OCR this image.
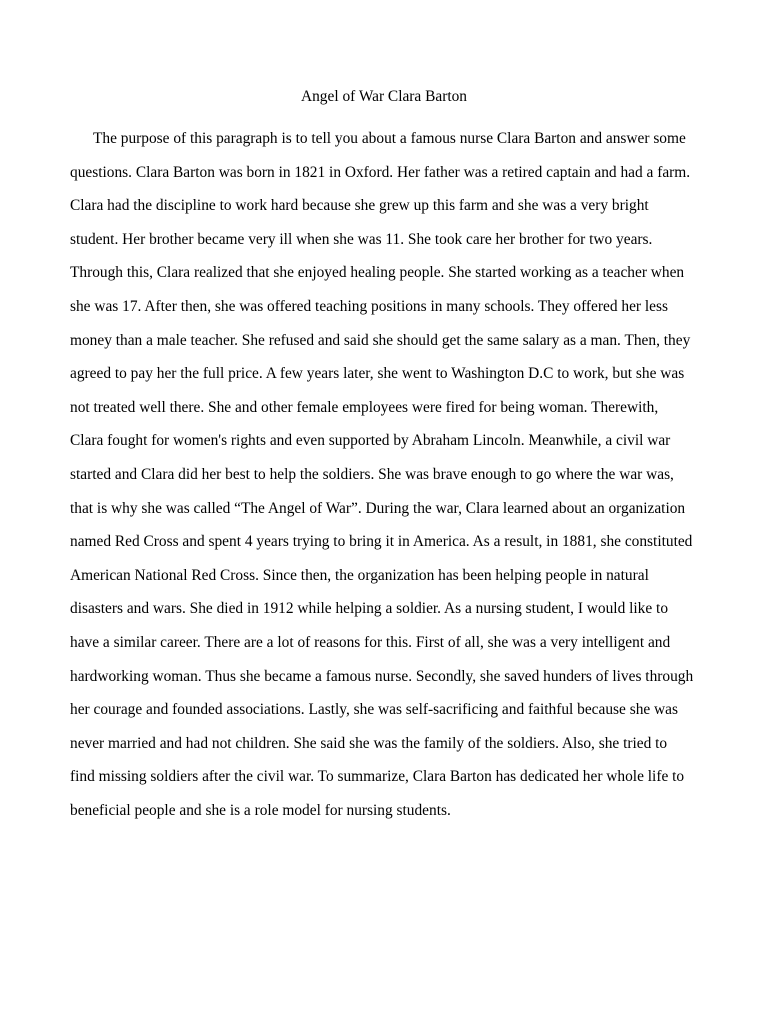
Angel of War Clara Barton
The purpose of this paragraph is to tell you about a famous nurse Clara Barton and answer some
questions. Clara Barton was born in 1821 in Oxford. Her father was a retired captain and had a farm.
Clara had the discipline to work hard because she grew up this farm and she was a very bright
student. Her brother became very ill when she was 11. She took care her brother for two years.
Through this, Clara realized that she enjoyed healing people. She started working as a teacher when
she was 17. After then, she was offered teaching positions in many schools. They offered her less
money than a male teacher. She refused and said she should get the same salary as a man. Then, they
agreed to pay her the full price. A few years later, she went to Washington D.C to work, but she was
not treated well there. She and other female employees were fired for being woman. Therewith,
Clara fought for women's rights and even supported by Abraham Lincoln. Meanwhile, a civil war
started and Clara did her best to help the soldiers. She was brave enough to go where the war was,
that is why she was called “The Angel of War”. During the war, Clara learned about an organization
named Red Cross and spent 4 years trying to bring it in America. As a result, in 1881, she constituted
American National Red Cross. Since then, the organization has been helping people in natural
disasters and wars. She died in 1912 while helping a soldier. As a nursing student, I would like to
have a similar career. There are a lot of reasons for this. First of all, she was a very intelligent and
hardworking woman. Thus she became a famous nurse. Secondly, she saved hunders of lives through
her courage and founded associations. Lastly, she was self-sacrificing and faithful because she was
never married and had not children. She said she was the family of the soldiers. Also, she tried to
find missing soldiers after the civil war. To summarize, Clara Barton has dedicated her whole life to
beneficial people and she is a role model for nursing students.
